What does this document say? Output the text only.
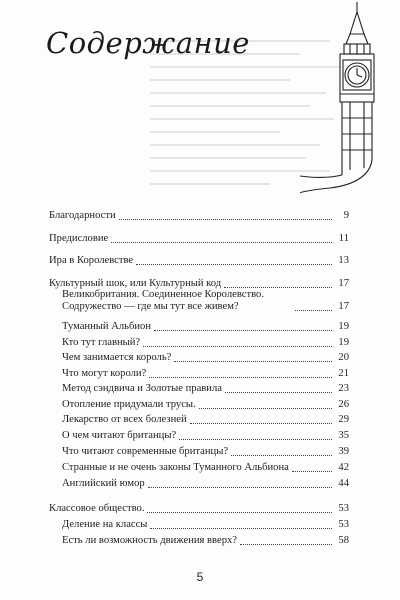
Содержание
Благодарности	9
Предисловие	11
Ира в Королевстве	13
Культурный шок, или Культурный код	17
Великобритания. Соединенное Королевство. Содружество — где мы тут все живем?	17
Туманный Альбион	19
Кто тут главный?	19
Чем занимается король?	20
Что могут короли?	21
Метод сэндвича и Золотые правила	23
Отопление придумали трусы.	26
Лекарство от всех болезней	29
О чем читают британцы?	35
Что читают современные британцы?	39
Странные и не очень законы Туманного Альбиона	42
Английский юмор	44
Классовое общество.	53
Деление на классы	53
Есть ли возможность движения вверх?	58
5
